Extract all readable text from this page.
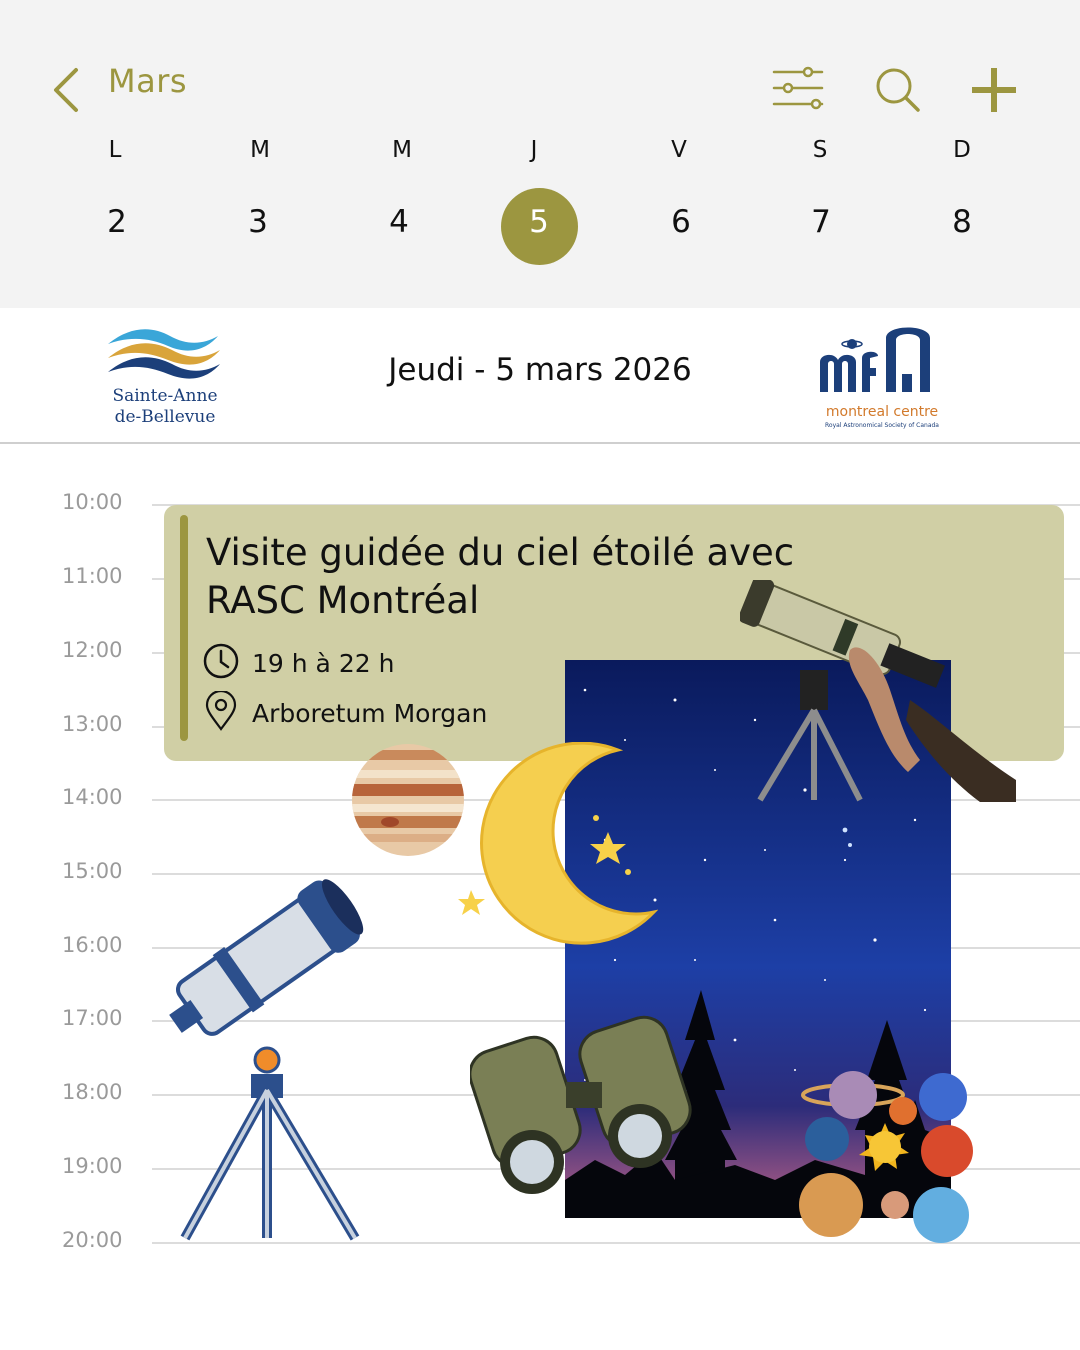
Mars
L	M	M	J	V	S	D
2	3	4	5	6	7	8
Sainte-Anne
de-Bellevue
Jeudi - 5 mars 2026
montreal centre
Royal Astronomical Society of Canada
10:00
11:00
12:00
13:00
14:00
15:00
16:00
17:00
18:00
19:00
20:00
Visite guidée du ciel étoilé avec
RASC Montréal
19 h à 22 h
Arboretum Morgan
